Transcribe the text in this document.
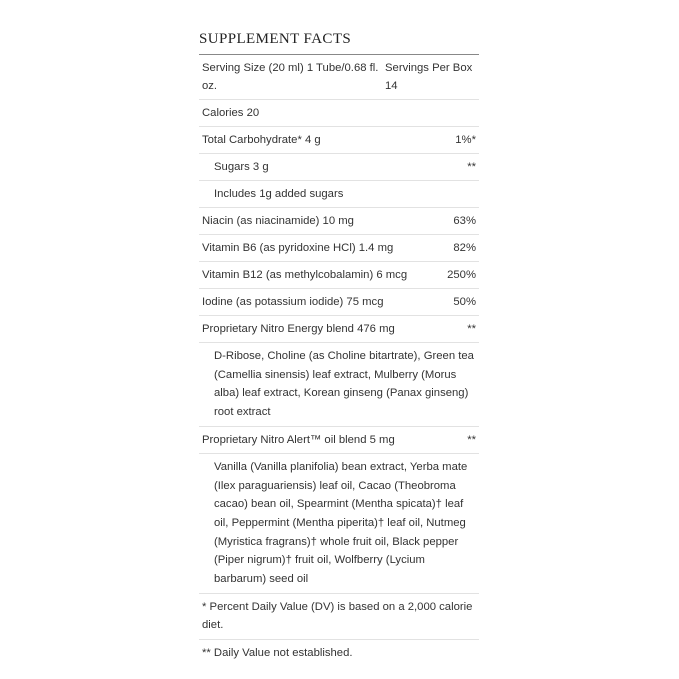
SUPPLEMENT FACTS
Serving Size (20 ml) 1 Tube/0.68 fl. oz.
Servings Per Box 14
Calories 20
Total Carbohydrate* 4 g	1%*
Sugars 3 g	**
Includes 1g added sugars
Niacin (as niacinamide) 10 mg	63%
Vitamin B6 (as pyridoxine HCl) 1.4 mg	82%
Vitamin B12 (as methylcobalamin) 6 mcg	250%
Iodine (as potassium iodide) 75 mcg	50%
Proprietary Nitro Energy blend 476 mg	**
D-Ribose, Choline (as Choline bitartrate), Green tea (Camellia sinensis) leaf extract, Mulberry (Morus alba) leaf extract, Korean ginseng (Panax ginseng) root extract
Proprietary Nitro Alert™ oil blend 5 mg	**
Vanilla (Vanilla planifolia) bean extract, Yerba mate (Ilex paraguariensis) leaf oil, Cacao (Theobroma cacao) bean oil, Spearmint (Mentha spicata)† leaf oil, Peppermint (Mentha piperita)† leaf oil, Nutmeg (Myristica fragrans)† whole fruit oil, Black pepper (Piper nigrum)† fruit oil, Wolfberry (Lycium barbarum) seed oil
* Percent Daily Value (DV) is based on a 2,000 calorie diet.
** Daily Value not established.
